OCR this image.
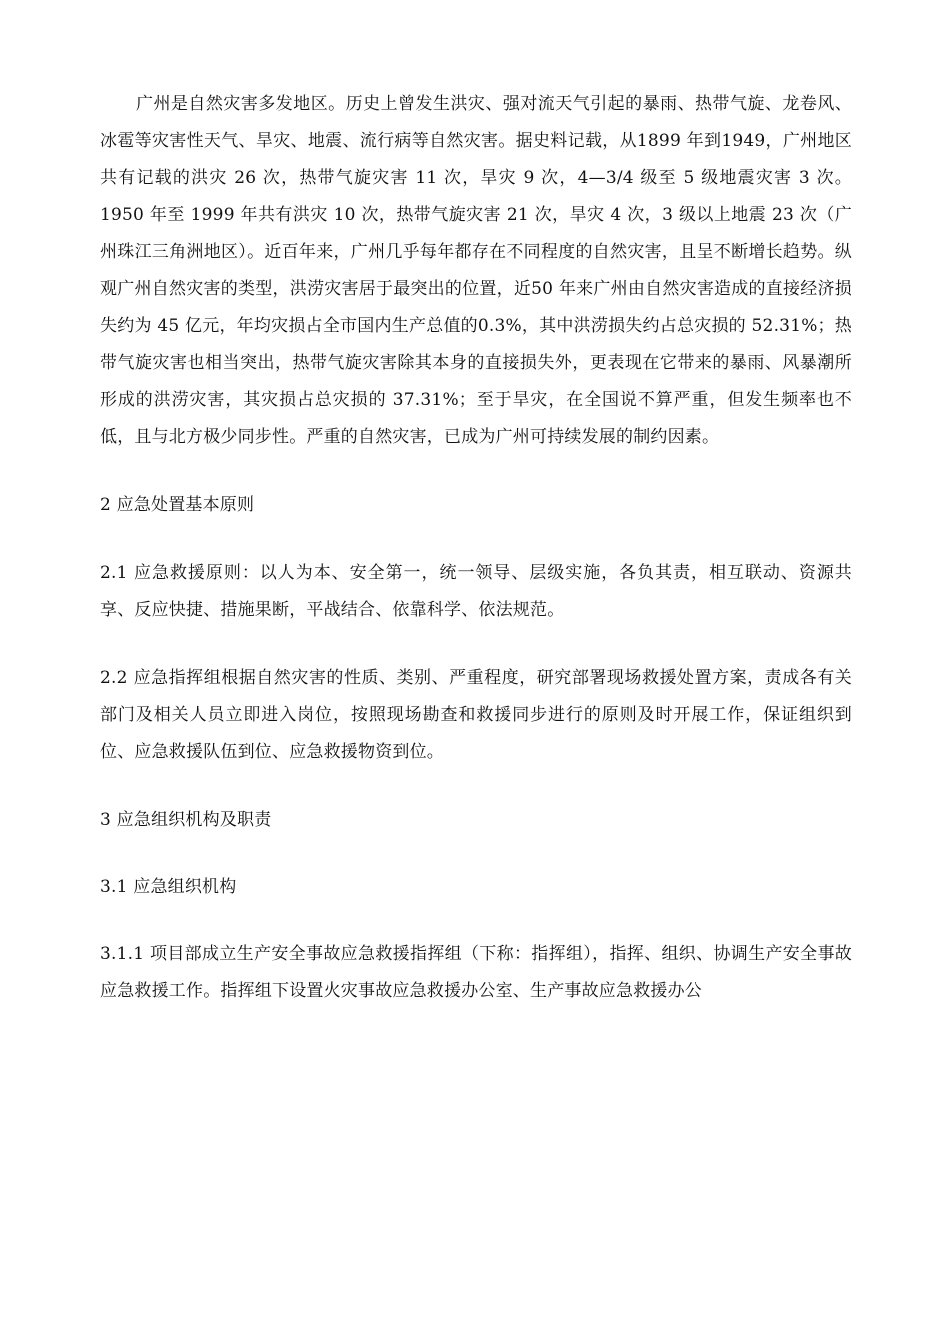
广州是自然灾害多发地区。历史上曾发生洪灾、强对流天气引起的暴雨、热带气旋、龙卷风、冰雹等灾害性天气、旱灾、地震、流行病等自然灾害。据史料记载，从1899 年到1949，广州地区共有记载的洪灾 26 次，热带气旋灾害 11 次，旱灾 9 次，4—3/4 级至 5 级地震灾害 3 次。1950 年至 1999 年共有洪灾 10 次，热带气旋灾害 21 次，旱灾 4 次，3 级以上地震 23 次（广州珠江三角洲地区）。近百年来，广州几乎每年都存在不同程度的自然灾害，且呈不断增长趋势。纵观广州自然灾害的类型，洪涝灾害居于最突出的位置，近50 年来广州由自然灾害造成的直接经济损失约为 45 亿元，年均灾损占全市国内生产总值的0.3%，其中洪涝损失约占总灾损的 52.31%；热带气旋灾害也相当突出，热带气旋灾害除其本身的直接损失外，更表现在它带来的暴雨、风暴潮所形成的洪涝灾害，其灾损占总灾损的 37.31%；至于旱灾，在全国说不算严重，但发生频率也不低，且与北方极少同步性。严重的自然灾害，已成为广州可持续发展的制约因素。

2 应急处置基本原则

2.1 应急救援原则：以人为本、安全第一，统一领导、层级实施，各负其责，相互联动、资源共享、反应快捷、措施果断，平战结合、依靠科学、依法规范。

2.2 应急指挥组根据自然灾害的性质、类别、严重程度，研究部署现场救援处置方案，责成各有关部门及相关人员立即进入岗位，按照现场勘查和救援同步进行的原则及时开展工作，保证组织到位、应急救援队伍到位、应急救援物资到位。

3 应急组织机构及职责

3.1 应急组织机构

3.1.1 项目部成立生产安全事故应急救援指挥组（下称：指挥组），指挥、组织、协调生产安全事故应急救援工作。指挥组下设置火灾事故应急救援办公室、生产事故应急救援办公
